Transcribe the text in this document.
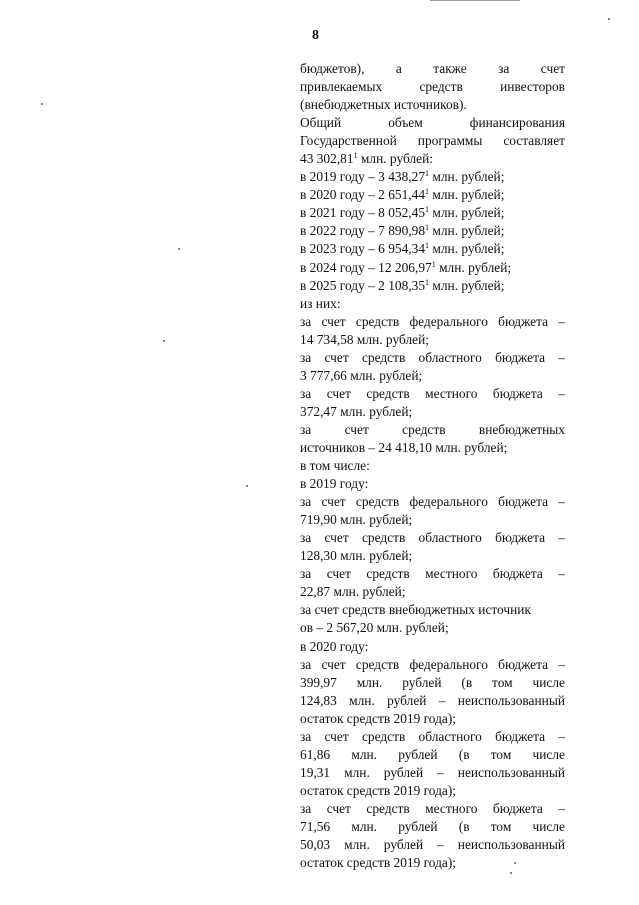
8

бюджетов), а также за счет

привлекаемых средств инвесторов

(внебюджетных источников).

Общий объем финансирования

Государственной программы составляет

43 302,81$^1$ млн. рублей:

в 2019 году – 3 438,27$^1$ млн. рублей;

в 2020 году – 2 651,44$^1$ млн. рублей;

в 2021 году – 8 052,45$^1$ млн. рублей;

в 2022 году – 7 890,98$^1$ млн. рублей;

в 2023 году – 6 954,34$^1$ млн. рублей;

в 2024 году – 12 206,97$^1$ млн. рублей;

в 2025 году – 2 108,35$^1$ млн. рублей;

из них:

за счет средств федерального бюджета –

14 734,58 млн. рублей;

за счет средств областного бюджета –

3 777,66 млн. рублей;

за счет средств местного бюджета –

372,47 млн. рублей;

за счет средств внебюджетных

источников – 24 418,10 млн. рублей;

в том числе:

в 2019 году:

за счет средств федерального бюджета –

719,90 млн. рублей;

за счет средств областного бюджета –

128,30 млн. рублей;

за счет средств местного бюджета –

22,87 млн. рублей;

за счет средств внебюджетных источник

ов – 2 567,20 млн. рублей;

в 2020 году:

за счет средств федерального бюджета –

399,97 млн. рублей (в том числе

124,83 млн. рублей – неиспользованный

остаток средств 2019 года);

за счет средств областного бюджета –

61,86 млн. рублей (в том числе

19,31 млн. рублей – неиспользованный

остаток средств 2019 года);

за счет средств местного бюджета –

71,56 млн. рублей (в том числе

50,03 млн. рублей – неиспользованный

остаток средств 2019 года);
